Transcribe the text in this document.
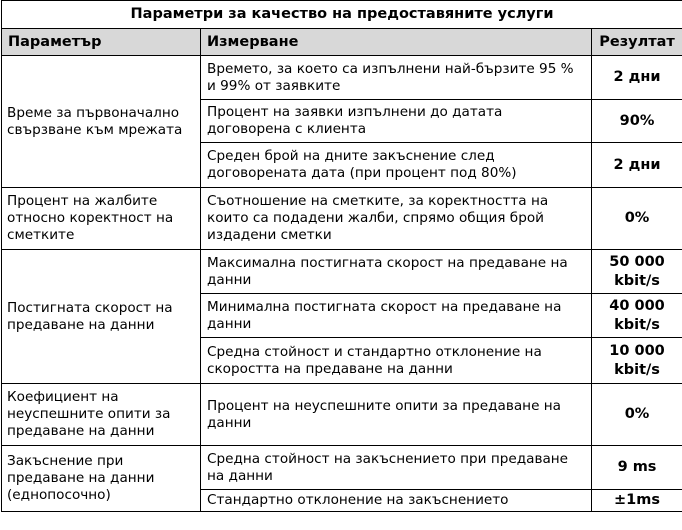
Параметри за качество на предоставяните услуги		
Параметър	Измерване	Резултат
Време за първоначално свързване към мрежата	Времето, за което са изпълнени най-бързите 95 % и 99% от заявките	2 дни
	Процент на заявки изпълнени до датата договорена с клиента	90%
	Среден брой на дните закъснение след договорената дата (при процент под 80%)	2 дни
Процент на жалбите относно коректност на сметките	Съотношение на сметките, за коректността на които са подадени жалби, спрямо общия брой издадени сметки	0%
Постигната скорост на предаване на данни	Максимална постигната скорост на предаване на данни	50 000 kbit/s
	Минимална постигната скорост на предаване на данни	40 000 kbit/s
	Средна стойност и стандартно отклонение на скоростта на предаване на данни	10 000 kbit/s
Коефициент на неуспешните опити за предаване на данни	Процент на неуспешните опити за предаване на данни	0%
Закъснение при предаване на данни (еднопосочно)	Средна стойност на закъснението при предаване на данни	9 ms
	Стандартно отклонение на закъснението	±1ms
